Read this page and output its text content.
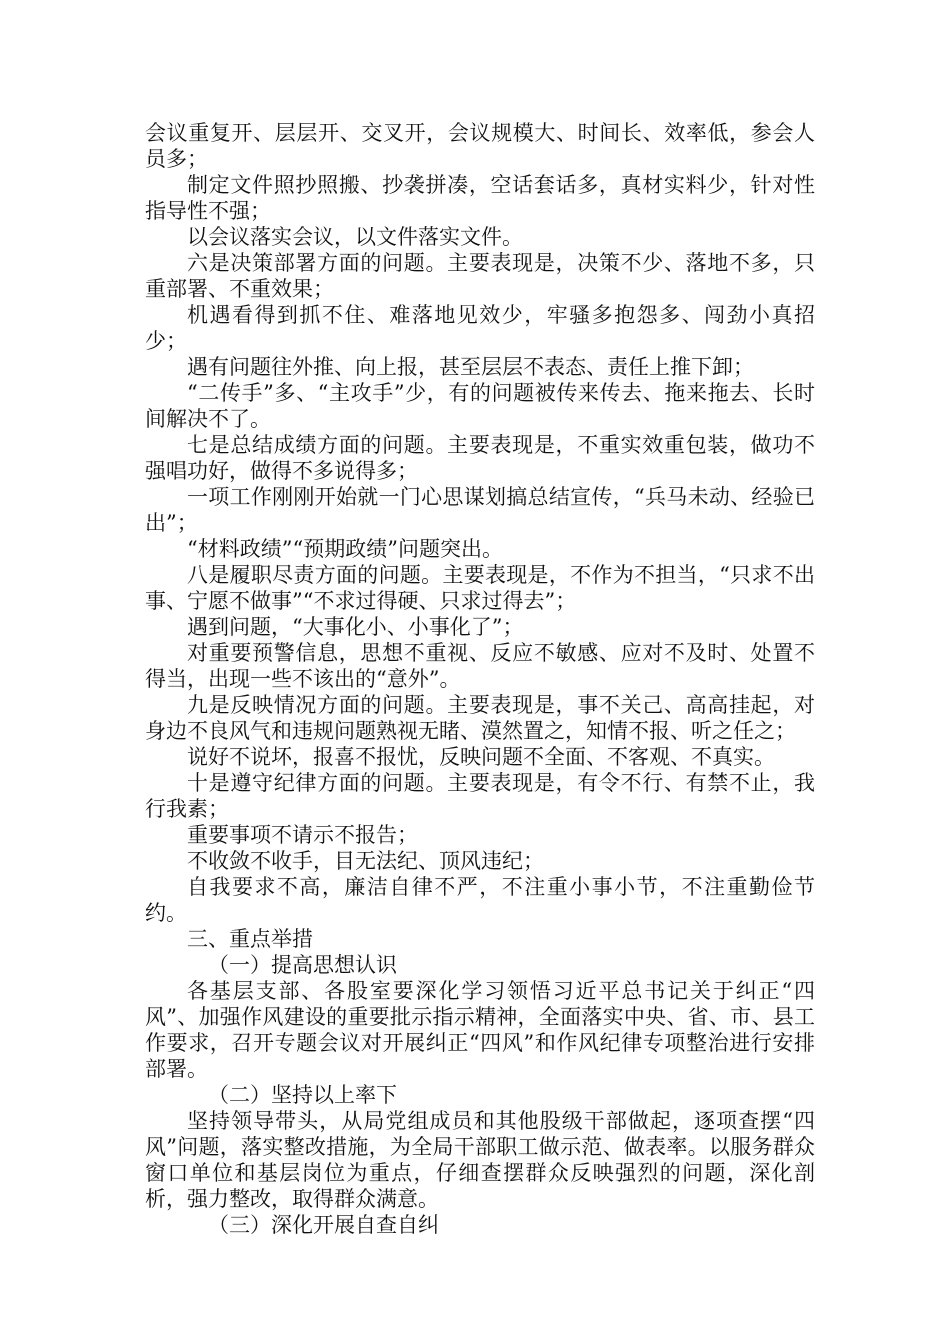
会议重复开、层层开、交叉开，会议规模大、时间长、效率低，参会人员多；

制定文件照抄照搬、抄袭拼凑，空话套话多，真材实料少，针对性指导性不强；

以会议落实会议，以文件落实文件。

六是决策部署方面的问题。主要表现是，决策不少、落地不多，只重部署、不重效果；

机遇看得到抓不住、难落地见效少，牢骚多抱怨多、闯劲小真招少；

遇有问题往外推、向上报，甚至层层不表态、责任上推下卸；

“二传手”多、“主攻手”少，有的问题被传来传去、拖来拖去、长时间解决不了。

七是总结成绩方面的问题。主要表现是，不重实效重包装，做功不强唱功好，做得不多说得多；

一项工作刚刚开始就一门心思谋划搞总结宣传，“兵马未动、经验已出”；

“材料政绩”“预期政绩”问题突出。

八是履职尽责方面的问题。主要表现是，不作为不担当，“只求不出事、宁愿不做事”“不求过得硬、只求过得去”；

遇到问题，“大事化小、小事化了”；

对重要预警信息，思想不重视、反应不敏感、应对不及时、处置不得当，出现一些不该出的“意外”。

九是反映情况方面的问题。主要表现是，事不关己、高高挂起，对身边不良风气和违规问题熟视无睹、漠然置之，知情不报、听之任之；

说好不说坏，报喜不报忧，反映问题不全面、不客观、不真实。

十是遵守纪律方面的问题。主要表现是，有令不行、有禁不止，我行我素；

重要事项不请示不报告；

不收敛不收手，目无法纪、顶风违纪；

自我要求不高，廉洁自律不严，不注重小事小节，不注重勤俭节约。

三、重点举措

（一）提高思想认识

各基层支部、各股室要深化学习领悟习近平总书记关于纠正“四风”、加强作风建设的重要批示指示精神，全面落实中央、省、市、县工作要求，召开专题会议对开展纠正“四风”和作风纪律专项整治进行安排部署。

（二）坚持以上率下

坚持领导带头，从局党组成员和其他股级干部做起，逐项查摆“四风”问题，落实整改措施，为全局干部职工做示范、做表率。以服务群众窗口单位和基层岗位为重点，仔细查摆群众反映强烈的问题，深化剖析，强力整改，取得群众满意。

（三）深化开展自查自纠
